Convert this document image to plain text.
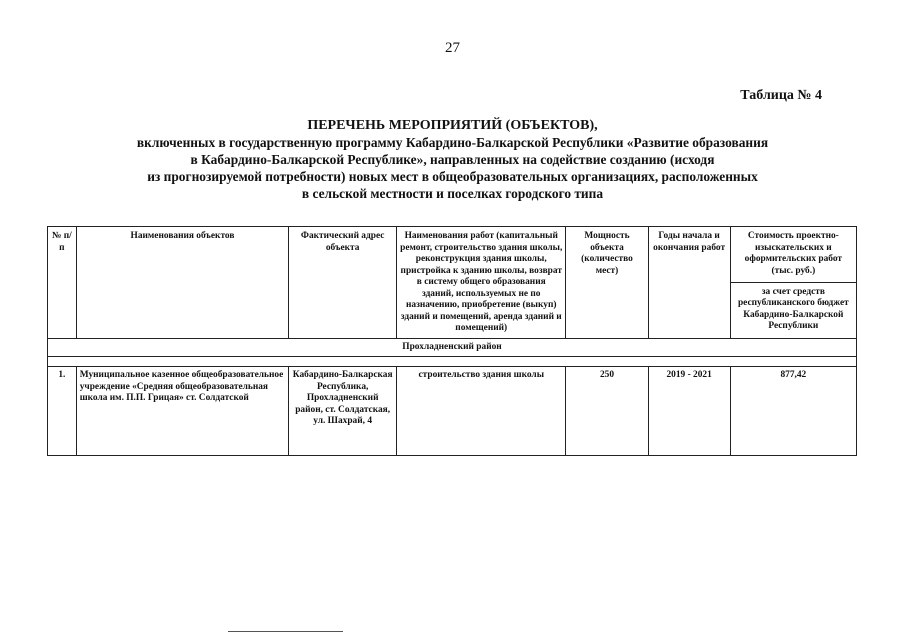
27
Таблица № 4
ПЕРЕЧЕНЬ МЕРОПРИЯТИЙ (ОБЪЕКТОВ),
включенных в государственную программу Кабардино-Балкарской Республики «Развитие образования
в Кабардино-Балкарской Республике», направленных на содействие созданию (исходя
из прогнозируемой потребности) новых мест в общеобразовательных организациях, расположенных
в сельской местности и поселках городского типа
№ п/п	Наименования объектов	Фактический адрес объекта	Наименования работ (капитальный ремонт, строительство здания школы, реконструкция здания школы, пристройка к зданию школы, возврат в систему общего образования зданий, используемых не по назначению, приобретение (выкуп) зданий и помещений, аренда зданий и помещений)	Мощность объекта (количество мест)	Годы начала и окончания работ	Стоимость проектно-изыскательских и оформительских работ (тыс. руб.)
						за счет средств республиканского бюджет Кабардино-Балкарской Республики
Прохладненский район						

1.	Муниципальное казенное общеобразовательное учреждение «Средняя общеобразовательная школа им. П.П. Грицая» ст. Солдатской	Кабардино-Балкарская Республика, Прохладненский район, ст. Солдатская, ул. Шахрай, 4	строительство здания школы	250	2019 - 2021	877,42
